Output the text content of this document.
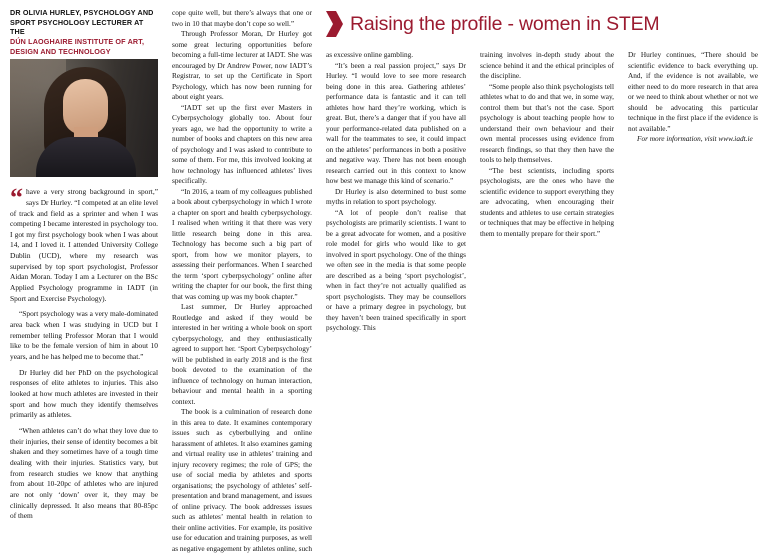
DR OLIVIA HURLEY, PSYCHOLOGY AND
SPORT PSYCHOLOGY LECTURER AT THE
DÚN LAOGHAIRE INSTITUTE OF ART,
DESIGN AND TECHNOLOGY
“ have a very strong background in sport,” says Dr Hurley. “I competed at an elite level of track and field as a sprinter and when I was competing I became interested in psychology too. I got my first psychology book when I was about 14, and I loved it. I attended University College Dublin (UCD), where my research was supervised by top sport psychologist, Professor Aidan Moran. Today I am a Lecturer on the BSc Applied Psychology programme in IADT (in Sport and Exercise Psychology).

“Sport psychology was a very male-dominated area back when I was studying in UCD but I remember telling Professor Moran that I would like to be the female version of him in about 10 years, and he has helped me to become that.”

Dr Hurley did her PhD on the psychological responses of elite athletes to injuries. This also looked at how much athletes are invested in their sport and how much they identify themselves primarily as athletes.

“When athletes can’t do what they love due to their injuries, their sense of identity becomes a bit shaken and they sometimes have of a tough time dealing with their injuries. Statistics vary, but from research studies we know that anything from about 10-20pc of athletes who are injured are not only ‘down’ over it, they may be clinically depressed. It also means that 80-85pc of them

cope quite well, but there’s always that one or two in 10 that maybe don’t cope so well.”

Through Professor Moran, Dr Hurley got some great lecturing opportunities before becoming a full-time lecturer at IADT. She was encouraged by Dr Andrew Power, now IADT’s Registrar, to set up the Certificate in Sport Psychology, which has now been running for about eight years.

“IADT set up the first ever Masters in Cyberpsychology globally too. About four years ago, we had the opportunity to write a number of books and chapters on this new area of psychology and I was asked to contribute to some of them. For me, this involved looking at how technology has influenced athletes’ lives specifically.

“In 2016, a team of my colleagues published a book about cyberpsychology in which I wrote a chapter on sport and health cyberpsychology. I realised when writing it that there was very little research being done in this area. Technology has become such a big part of sport, from how we monitor players, to assessing their performances. When I searched the term ‘sport cyberpsychology’ online after writing the chapter for our book, the first thing that was coming up was my book chapter.”

Last summer, Dr Hurley approached Routledge and asked if they would be interested in her writing a whole book on sport cyberpsychology, and they enthusiastically agreed to support her. ‘Sport Cyberpsychology’ will be published in early 2018 and is the first book devoted to the examination of the influence of technology on human interaction, behaviour and mental health in a sporting context.

The book is a culmination of research done in this area to date. It examines contemporary issues such as cyberbullying and online harassment of athletes. It also examines gaming and virtual reality use in athletes’ training and injury recovery regimes; the role of GPS; the use of social media by athletes and sports organisations; the psychology of athletes’ self-presentation and brand management, and issues of online privacy. The book addresses issues such as athletes’ mental health in relation to their online activities. For example, its positive use for education and training purposes, as well as negative engagement by athletes online, such

Raising the profile - women in STEM

as excessive online gambling.

“It’s been a real passion project,” says Dr Hurley. “I would love to see more research being done in this area. Gathering athletes’ performance data is fantastic and it can tell athletes how hard they’re working, which is great. But, there’s a danger that if you have all your performance-related data published on a wall for the teammates to see, it could impact on the athletes’ performances in both a positive and negative way. There has not been enough research carried out in this context to know how best we manage this kind of scenario.”

Dr Hurley is also determined to bust some myths in relation to sport psychology.

“A lot of people don’t realise that psychologists are primarily scientists. I want to be a great advocate for women, and a positive role model for girls who would like to get involved in sport psychology. One of the things we often see in the media is that some people are described as a being ‘sport psychologist’, when in fact they’re not actually qualified as sport psychologists. They may be counsellors or have a primary degree in psychology, but they haven’t been trained specifically in sport psychology. This

training involves in-depth study about the science behind it and the ethical principles of the discipline.

“Some people also think psychologists tell athletes what to do and that we, in some way, control them but that’s not the case. Sport psychology is about teaching people how to understand their own behaviour and their own mental processes using evidence from research findings, so that they then have the tools to help themselves.

“The best scientists, including sports psychologists, are the ones who have the scientific evidence to support everything they are advocating, when encouraging their students and athletes to use certain strategies or techniques that may be effective in helping them to mentally prepare for their sport.”

Dr Hurley continues, “There should be scientific evidence to back everything up. And, if the evidence is not available, we either need to do more research in that area or we need to think about whether or not we should be advocating this particular technique in the first place if the evidence is not available.”

For more information, visit www.iadt.ie
